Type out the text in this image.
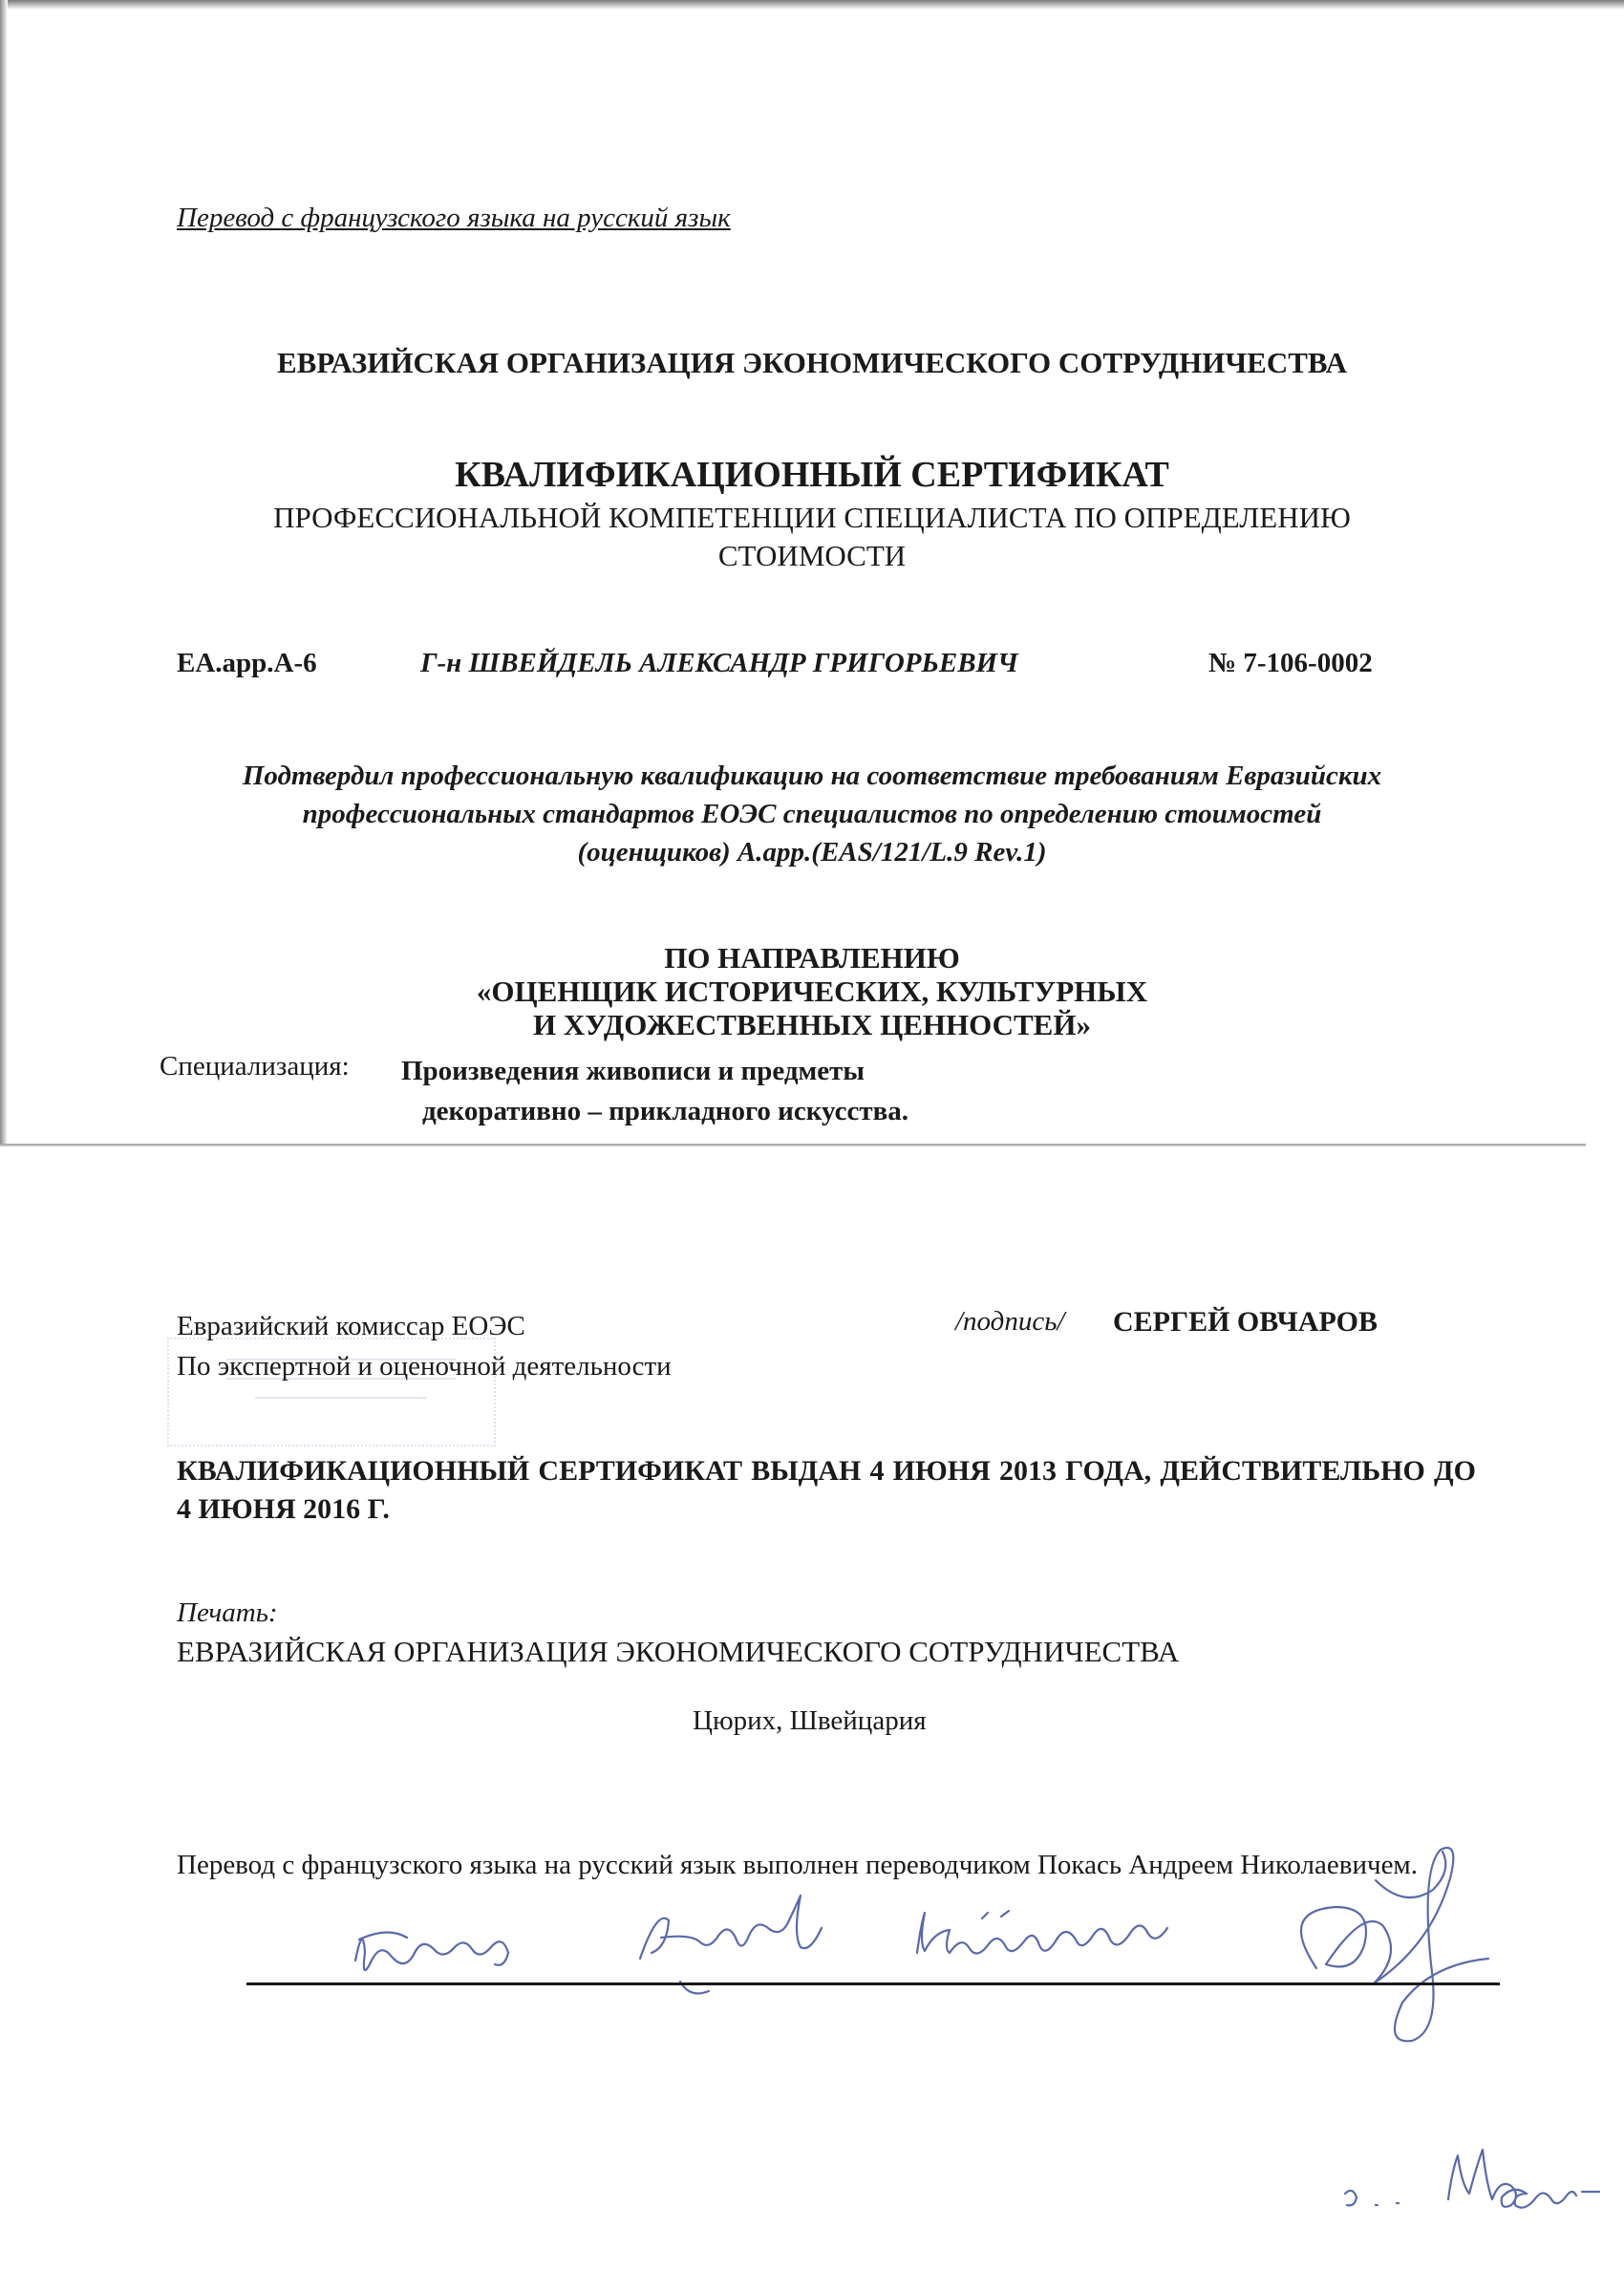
Перевод с французского языка на русский язык
ЕВРАЗИЙСКАЯ ОРГАНИЗАЦИЯ ЭКОНОМИЧЕСКОГО СОТРУДНИЧЕСТВА
КВАЛИФИКАЦИОННЫЙ СЕРТИФИКАТ
ПРОФЕССИОНАЛЬНОЙ КОМПЕТЕНЦИИ СПЕЦИАЛИСТА ПО ОПРЕДЕЛЕНИЮ СТОИМОСТИ
EA.app.A-6	Г-н ШВЕЙДЕЛЬ АЛЕКСАНДР ГРИГОРЬЕВИЧ	№ 7-106-0002
Подтвердил профессиональную квалификацию на соответствие требованиям Евразийских профессиональных стандартов ЕОЭС специалистов по определению стоимостей (оценщиков) A.app.(EAS/121/L.9 Rev.1)
ПО НАПРАВЛЕНИЮ
«ОЦЕНЩИК ИСТОРИЧЕСКИХ, КУЛЬТУРНЫХ
И ХУДОЖЕСТВЕННЫХ ЦЕННОСТЕЙ»
Специализация: Произведения живописи и предметы
декоративно – прикладного искусства.
Евразийский комиссар ЕОЭС
По экспертной и оценочной деятельности
/подпись/ СЕРГЕЙ ОВЧАРОВ
КВАЛИФИКАЦИОННЫЙ СЕРТИФИКАТ ВЫДАН 4 ИЮНЯ 2013 ГОДА, ДЕЙСТВИТЕЛЬНО ДО 4 ИЮНЯ 2016 Г.
Печать:
ЕВРАЗИЙСКАЯ ОРГАНИЗАЦИЯ ЭКОНОМИЧЕСКОГО СОТРУДНИЧЕСТВА
Цюрих, Швейцария
Перевод с французского языка на русский язык выполнен переводчиком Покась Андреем Николаевичем.
